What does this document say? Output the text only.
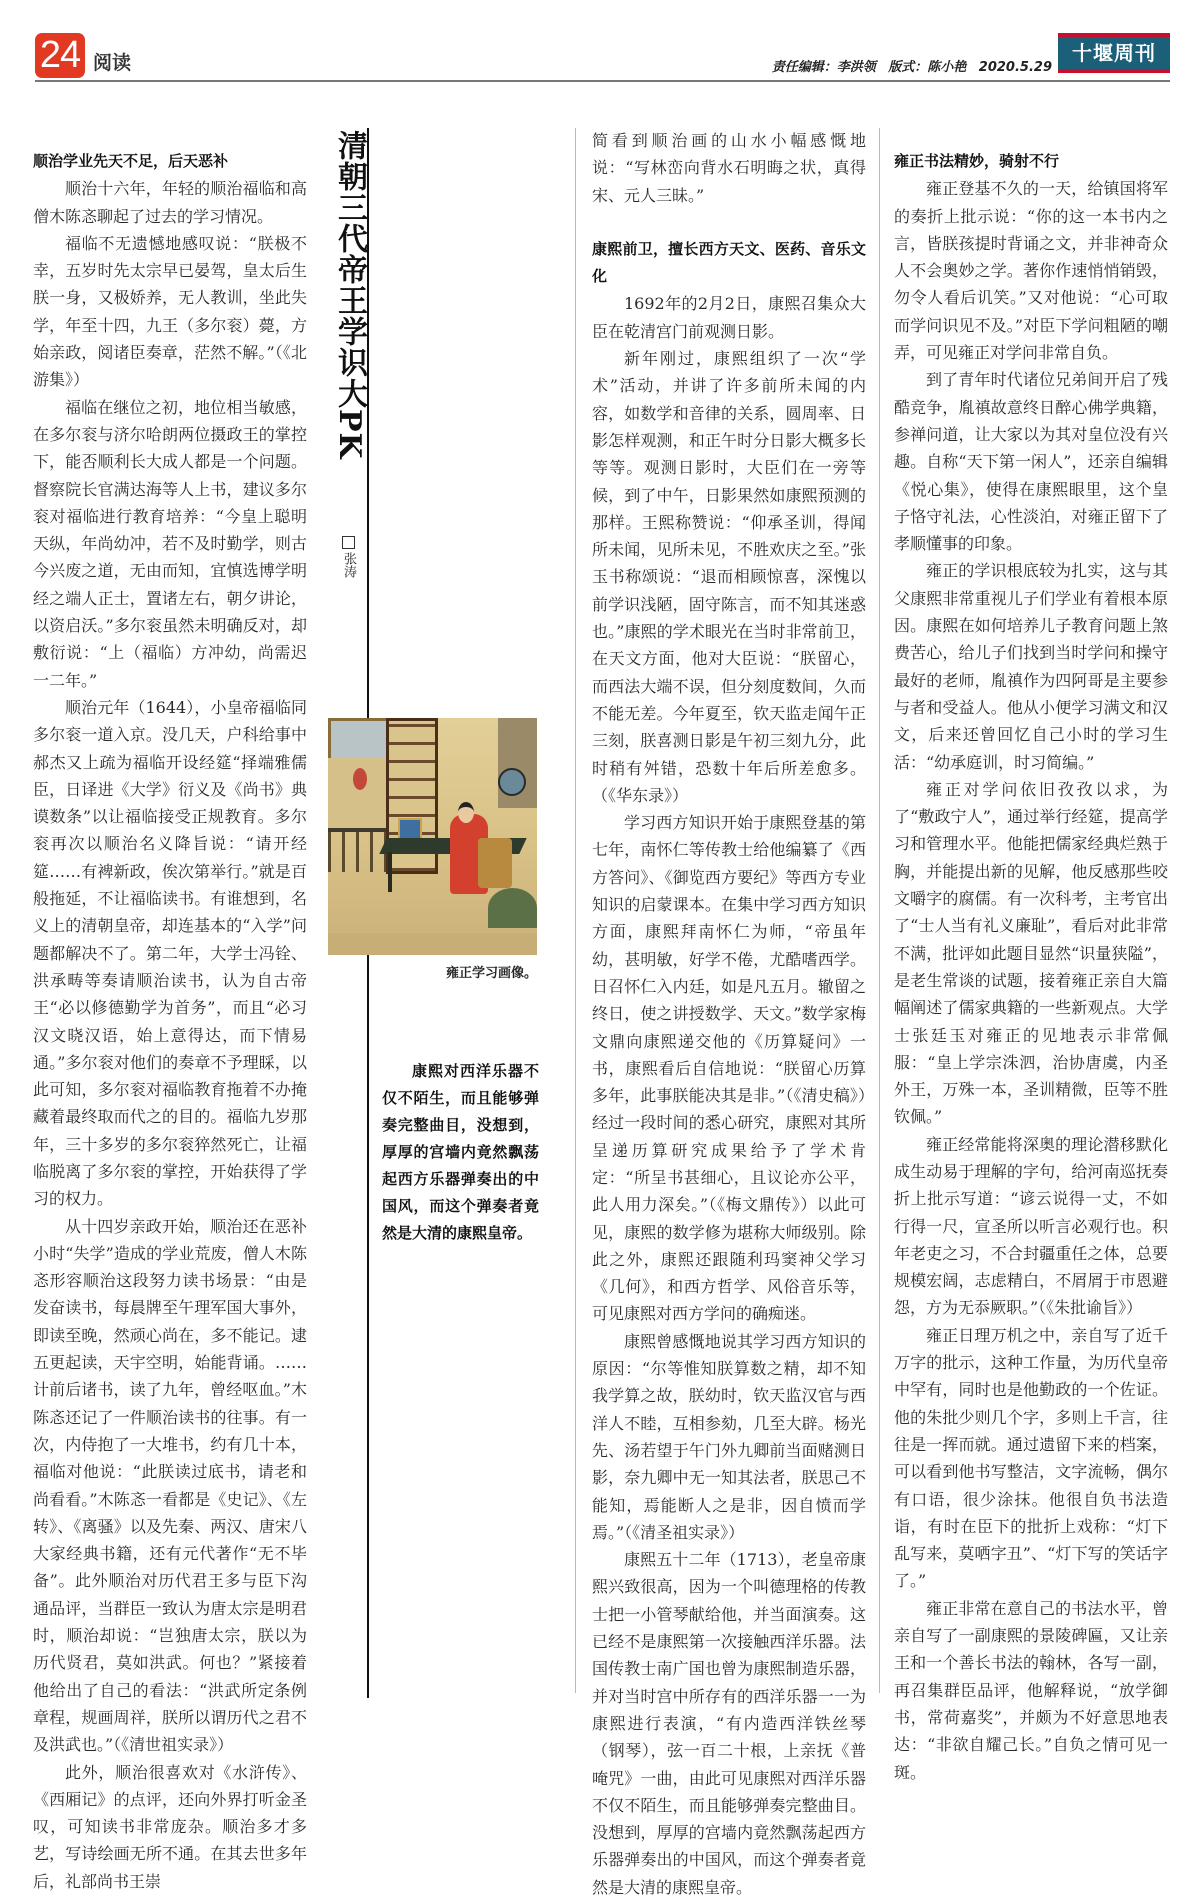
24 阅读	责任编辑：李洪领 版式：陈小艳 2020.5.29
十堰周刊
顺治学业先天不足，后天恶补

顺治十六年，年轻的顺治福临和高僧木陈忞聊起了过去的学习情况。

福临不无遗憾地感叹说：“朕极不幸，五岁时先太宗早已晏驾，皇太后生朕一身，又极娇养，无人教训，坐此失学，年至十四，九王（多尔衮）薨，方始亲政，阅诸臣奏章，茫然不解。”（《北游集》）

福临在继位之初，地位相当敏感，在多尔衮与济尔哈朗两位摄政王的掌控下，能否顺利长大成人都是一个问题。督察院长官满达海等人上书，建议多尔衮对福临进行教育培养：“今皇上聪明天纵，年尚幼冲，若不及时勤学，则古今兴废之道，无由而知，宜慎选博学明经之端人正士，置诸左右，朝夕讲论，以资启沃。”多尔衮虽然未明确反对，却敷衍说：“上（福临）方冲幼，尚需迟一二年。”

顺治元年（1644），小皇帝福临同多尔衮一道入京。没几天，户科给事中郝杰又上疏为福临开设经筵“择端雅儒臣，日译进《大学》衍义及《尚书》典谟数条”以让福临接受正规教育。多尔衮再次以顺治名义降旨说：“请开经筵……有裨新政，俟次第举行。”就是百般拖延，不让福临读书。有谁想到，名义上的清朝皇帝，却连基本的“入学”问题都解决不了。第二年，大学士冯铨、洪承畴等奏请顺治读书，认为自古帝王“必以修德勤学为首务”，而且“必习汉文晓汉语，始上意得达，而下情易通。”多尔衮对他们的奏章不予理睬，以此可知，多尔衮对福临教育拖着不办掩藏着最终取而代之的目的。福临九岁那年，三十多岁的多尔衮猝然死亡，让福临脱离了多尔衮的掌控，开始获得了学习的权力。

从十四岁亲政开始，顺治还在恶补小时“失学”造成的学业荒废，僧人木陈忞形容顺治这段努力读书场景：“由是发奋读书，每晨牌至午理军国大事外，即读至晚，然顽心尚在，多不能记。逮五更起读，天宇空明，始能背诵。……计前后诸书，读了九年，曾经呕血。”木陈忞还记了一件顺治读书的往事。有一次，内侍抱了一大堆书，约有几十本，福临对他说：“此朕读过底书，请老和尚看看。”木陈忞一看都是《史记》、《左转》、《离骚》以及先秦、两汉、唐宋八大家经典书籍，还有元代著作“无不毕备”。此外顺治对历代君王多与臣下沟通品评，当群臣一致认为唐太宗是明君时，顺治却说：“岂独唐太宗，朕以为历代贤君，莫如洪武。何也？”紧接着他给出了自己的看法：“洪武所定条例章程，规画周祥，朕所以谓历代之君不及洪武也。”（《清世祖实录》）

此外，顺治很喜欢对《水浒传》、《西厢记》的点评，还向外界打听金圣叹，可知读书非常庞杂。顺治多才多艺，写诗绘画无所不通。在其去世多年后，礼部尚书王崇

清朝三代帝王学识大PK
张涛
雍正学习画像。
康熙对西洋乐器不仅不陌生，而且能够弹奏完整曲目，没想到，厚厚的宫墙内竟然飘荡起西方乐器弹奏出的中国风，而这个弹奏者竟然是大清的康熙皇帝。

简看到顺治画的山水小幅感慨地说：“写林峦向背水石明晦之状，真得宋、元人三昧。”

康熙前卫，擅长西方天文、医药、音乐文化

1692年的2月2日，康熙召集众大臣在乾清宫门前观测日影。

新年刚过，康熙组织了一次“学术”活动，并讲了许多前所未闻的内容，如数学和音律的关系，圆周率、日影怎样观测，和正午时分日影大概多长等等。观测日影时，大臣们在一旁等候，到了中午，日影果然如康熙预测的那样。王熙称赞说：“仰承圣训，得闻所未闻，见所未见，不胜欢庆之至。”张玉书称颂说：“退而相顾惊喜，深愧以前学识浅陋，固守陈言，而不知其迷惑也。”康熙的学术眼光在当时非常前卫，在天文方面，他对大臣说：“朕留心，而西法大端不误，但分刻度数间，久而不能无差。今年夏至，钦天监走闻午正三刻，朕喜测日影是午初三刻九分，此时稍有舛错，恐数十年后所差愈多。（《华东录》）

学习西方知识开始于康熙登基的第七年，南怀仁等传教士给他编纂了《西方答问》、《御览西方要纪》等西方专业知识的启蒙课本。在集中学习西方知识方面，康熙拜南怀仁为师，“帝虽年幼，甚明敏，好学不倦，尤酷嗜西学。日召怀仁入内廷，如是凡五月。辙留之终日，使之讲授数学、天文。”数学家梅文鼎向康熙递交他的《历算疑问》一书，康熙看后自信地说：“朕留心历算多年，此事朕能决其是非。”（《清史稿》）经过一段时间的悉心研究，康熙对其所呈递历算研究成果给予了学术肯定：“所呈书甚细心，且议论亦公平，此人用力深矣。”（《梅文鼎传》）以此可见，康熙的数学修为堪称大师级别。除此之外，康熙还跟随利玛窦神父学习《几何》，和西方哲学、风俗音乐等，可见康熙对西方学问的确痴迷。

康熙曾感慨地说其学习西方知识的原因：“尔等惟知朕算数之精，却不知我学算之故，朕幼时，钦天监汉官与西洋人不睦，互相参劾，几至大辟。杨光先、汤若望于午门外九卿前当面赌测日影，奈九卿中无一知其法者，朕思己不能知，焉能断人之是非，因自愤而学焉。”（《清圣祖实录》）

康熙五十二年（1713），老皇帝康熙兴致很高，因为一个叫德理格的传教士把一小管琴献给他，并当面演奏。这已经不是康熙第一次接触西洋乐器。法国传教士南广国也曾为康熙制造乐器，并对当时宫中所存有的西洋乐器一一为康熙进行表演，“有内造西洋铁丝琴（钢琴），弦一百二十根，上亲抚《普唵咒》一曲，由此可见康熙对西洋乐器不仅不陌生，而且能够弹奏完整曲目。没想到，厚厚的宫墙内竟然飘荡起西方乐器弹奏出的中国风，而这个弹奏者竟然是大清的康熙皇帝。

雍正书法精妙，骑射不行

雍正登基不久的一天，给镇国将军的奏折上批示说：“你的这一本书内之言，皆朕孩提时背诵之文，并非神奇众人不会奥妙之学。著你作速悄悄销毁，勿令人看后讥笑。”又对他说：“心可取而学问识见不及。”对臣下学问粗陋的嘲弄，可见雍正对学问非常自负。

到了青年时代诸位兄弟间开启了残酷竞争，胤禛故意终日醉心佛学典籍，参禅问道，让大家以为其对皇位没有兴趣。自称“天下第一闲人”，还亲自编辑《悦心集》，使得在康熙眼里，这个皇子恪守礼法，心性淡泊，对雍正留下了孝顺懂事的印象。

雍正的学识根底较为扎实，这与其父康熙非常重视儿子们学业有着根本原因。康熙在如何培养儿子教育问题上煞费苦心，给儿子们找到当时学问和操守最好的老师，胤禛作为四阿哥是主要参与者和受益人。他从小便学习满文和汉文，后来还曾回忆自己小时的学习生活：“幼承庭训，时习简编。”

雍正对学问依旧孜孜以求，为了“敷政宁人”，通过举行经筵，提高学习和管理水平。他能把儒家经典烂熟于胸，并能提出新的见解，他反感那些咬文嚼字的腐儒。有一次科考，主考官出了“士人当有礼义廉耻”，看后对此非常不满，批评如此题目显然“识量狭隘”，是老生常谈的试题，接着雍正亲自大篇幅阐述了儒家典籍的一些新观点。大学士张廷玉对雍正的见地表示非常佩服：“皇上学宗洙泗，治协唐虞，内圣外王，万殊一本，圣训精微，臣等不胜钦佩。”

雍正经常能将深奥的理论潜移默化成生动易于理解的字句，给河南巡抚奏折上批示写道：“谚云说得一丈，不如行得一尺，宣圣所以听言必观行也。积年老吏之习，不合封疆重任之体，总要规模宏阔，志虑精白，不屑屑于市恩避怨，方为无忝厥职。”（《朱批谕旨》）

雍正日理万机之中，亲自写了近千万字的批示，这种工作量，为历代皇帝中罕有，同时也是他勤政的一个佐证。他的朱批少则几个字，多则上千言，往往是一挥而就。通过遗留下来的档案，可以看到他书写整洁，文字流畅，偶尔有口语，很少涂抹。他很自负书法造诣，有时在臣下的批折上戏称：“灯下乱写来，莫哂字丑”、“灯下写的笑话字了。”

雍正非常在意自己的书法水平，曾亲自写了一副康熙的景陵碑匾，又让亲王和一个善长书法的翰林，各写一副，再召集群臣品评，他解释说，“放学御书，常荷嘉奖”，并颇为不好意思地表达：“非欲自耀己长。”自负之情可见一斑。
